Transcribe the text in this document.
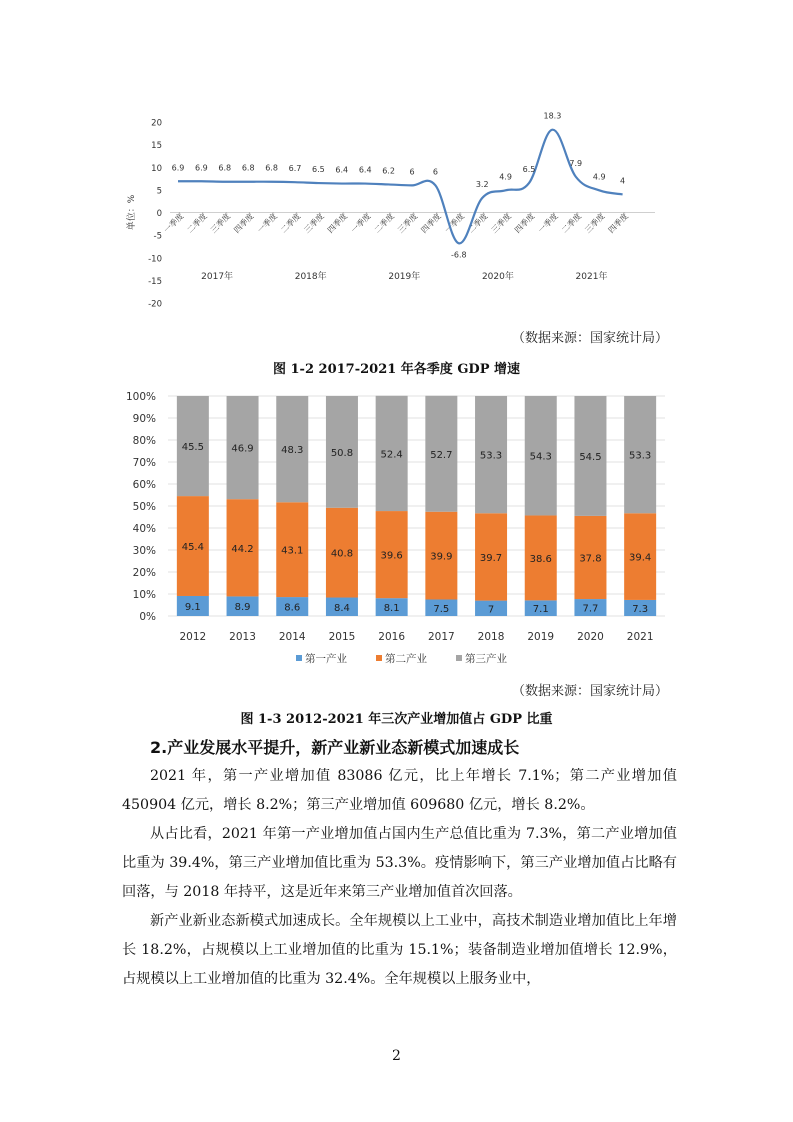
-20
-15
-10
-5
0
5
10
15
20
单位：%	一季度 二季度 三季度 四季度 一季度 二季度 三季度 四季度 一季度 二季度 三季度 四季度 一季度 二季度 三季度 四季度 一季度 二季度 三季度 四季度
2017年	2018年	2019年	2020年	2021年
6.9 6.9 6.8 6.8 6.8 6.7 6.5 6.4 6.4 6.2 6 6
-6.8
3.2
4.9
6.5
18.3
7.9
4.9 4
（数据来源：国家统计局）
图 1-2 2017-2021 年各季度 GDP 增速
0%
10%
20%
30%
40%
50%
60%
70%
80%
90%
100%
9.1
45.4
45.5
2012
8.9
44.2
46.9
2013
8.6
43.1
48.3
2014
8.4
40.8
50.8
2015
8.1
39.6
52.4
2016
7.5
39.9
52.7
2017
7
39.7
53.3
2018
7.1
38.6
54.3
2019
7.7
37.8
54.5
2020
7.3
39.4
53.3
2021
第一产业	第二产业	第三产业
（数据来源：国家统计局）
图 1-3 2012-2021 年三次产业增加值占 GDP 比重
2.产业发展水平提升，新产业新业态新模式加速成长
2021 年，第一产业增加值 83086 亿元，比上年增长 7.1%；第二产业增加值 450904 亿元，增长 8.2%；第三产业增加值 609680 亿元，增长 8.2%。
从占比看，2021 年第一产业增加值占国内生产总值比重为 7.3%，第二产业增加值比重为 39.4%，第三产业增加值比重为 53.3%。疫情影响下，第三产业增加值占比略有回落，与 2018 年持平，这是近年来第三产业增加值首次回落。
新产业新业态新模式加速成长。全年规模以上工业中，高技术制造业增加值比上年增长 18.2%，占规模以上工业增加值的比重为 15.1%；装备制造业增加值增长 12.9%，占规模以上工业增加值的比重为 32.4%。全年规模以上服务业中，
2
